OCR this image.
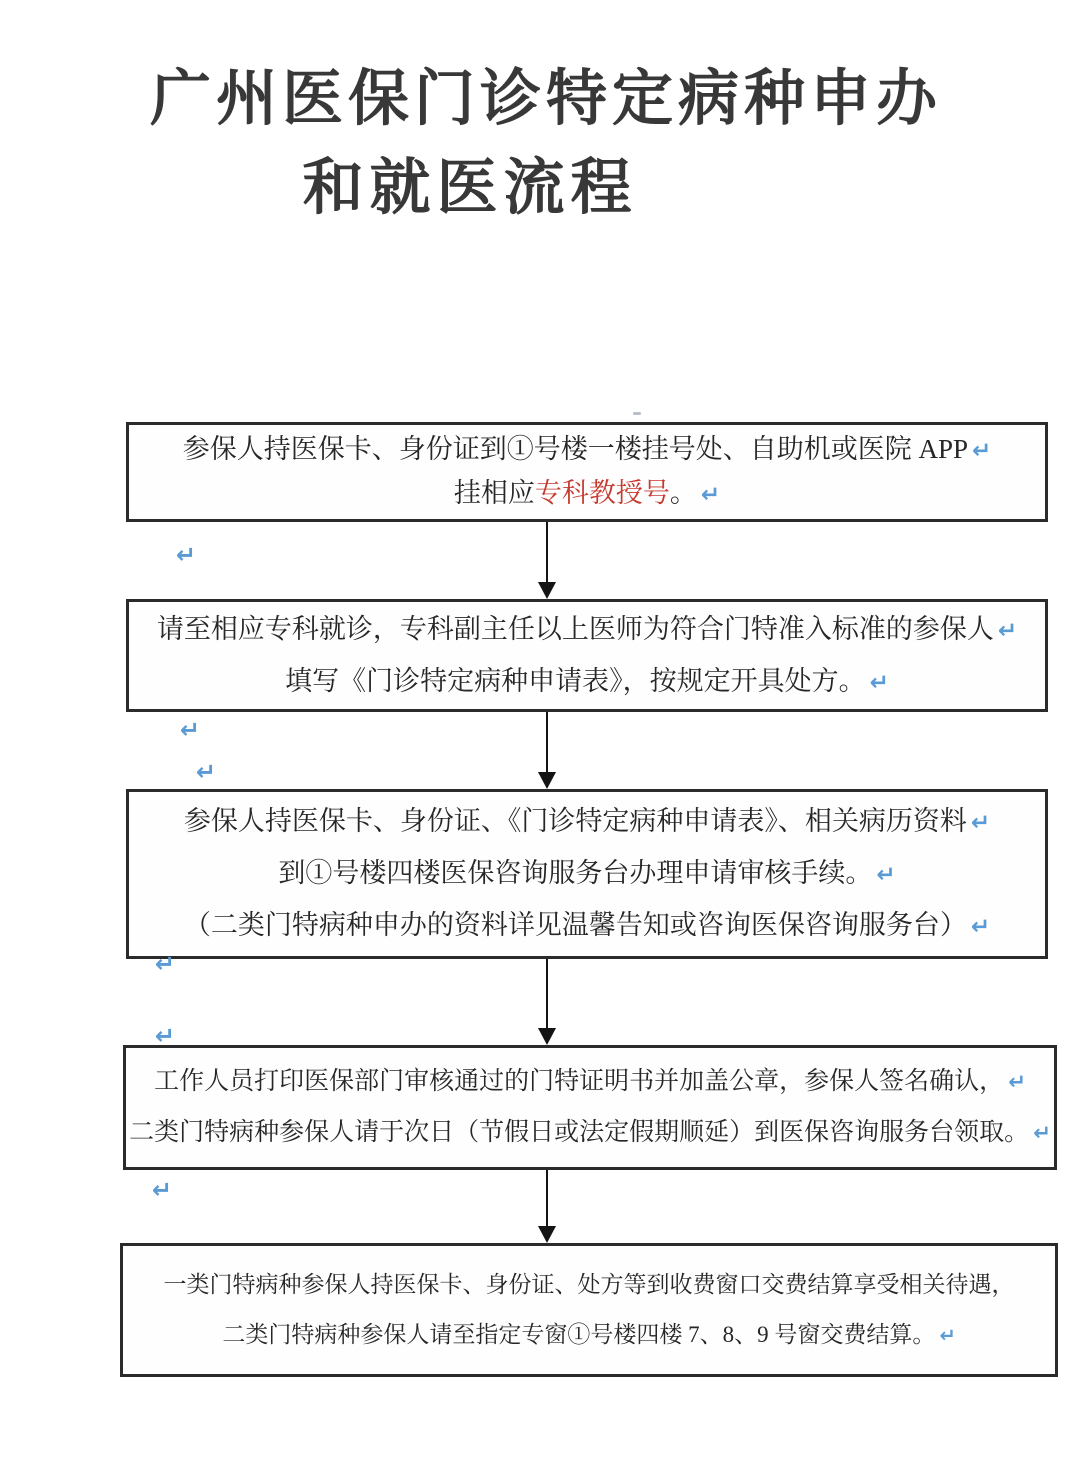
广州医保门诊特定病种申办
和就医流程
参保人持医保卡、身份证到①号楼一楼挂号处、自助机或医院 APP ↵
挂相应专科教授号。 ↵
请至相应专科就诊，专科副主任以上医师为符合门特准入标准的参保人 ↵
填写《门诊特定病种申请表》，按规定开具处方。 ↵
参保人持医保卡、身份证、《门诊特定病种申请表》、相关病历资料 ↵
到①号楼四楼医保咨询服务台办理申请审核手续。 ↵
（二类门特病种申办的资料详见温馨告知或咨询医保咨询服务台） ↵
工作人员打印医保部门审核通过的门特证明书并加盖公章，参保人签名确认， ↵
二类门特病种参保人请于次日（节假日或法定假期顺延）到医保咨询服务台领取。 ↵
一类门特病种参保人持医保卡、身份证、处方等到收费窗口交费结算享受相关待遇，
二类门特病种参保人请至指定专窗①号楼四楼 7、8、9 号窗交费结算。 ↵
↵
↵
↵
↵
↵
↵
